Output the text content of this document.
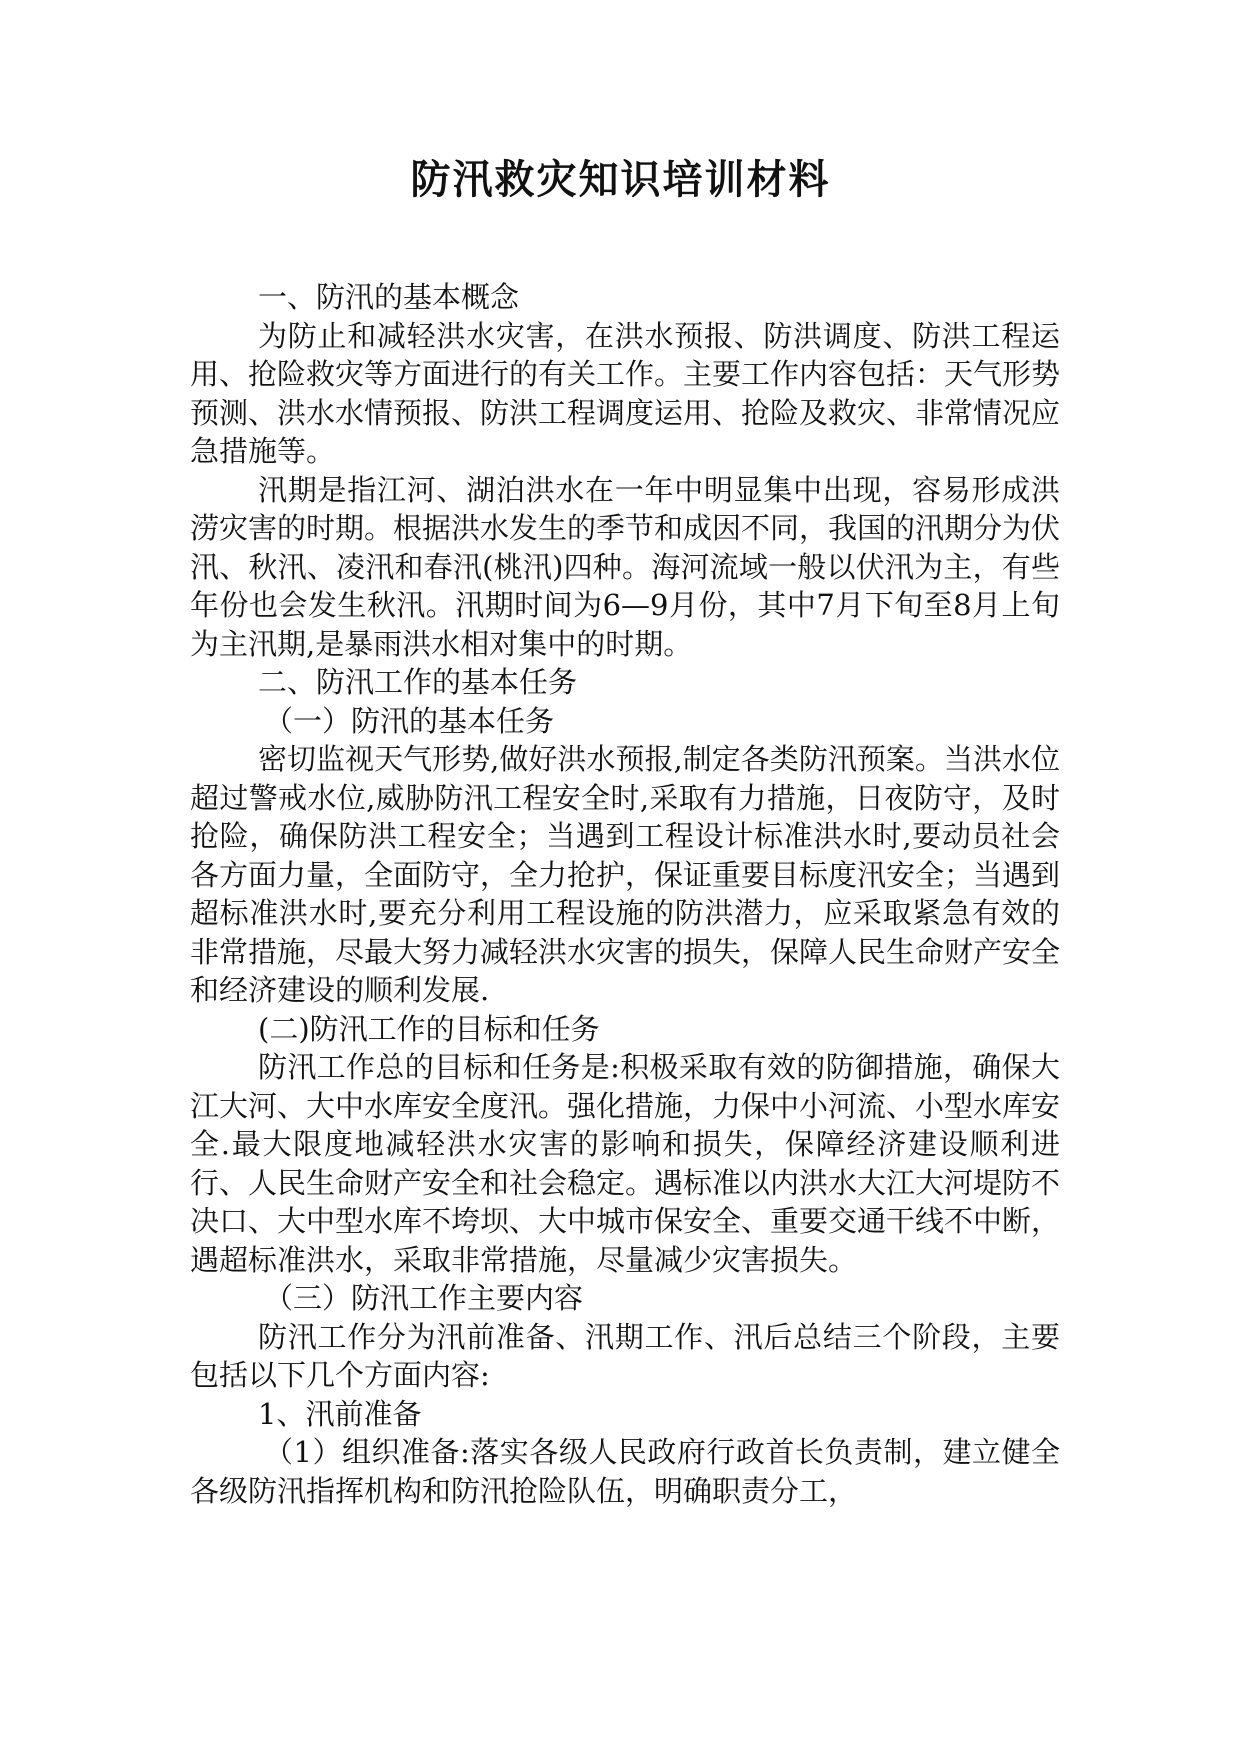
防汛救灾知识培训材料

一、防汛的基本概念

为防止和减轻洪水灾害，在洪水预报、防洪调度、防洪工程运用、抢险救灾等方面进行的有关工作。主要工作内容包括：天气形势预测、洪水水情预报、防洪工程调度运用、抢险及救灾、非常情况应急措施等。

汛期是指江河、湖泊洪水在一年中明显集中出现，容易形成洪涝灾害的时期。根据洪水发生的季节和成因不同，我国的汛期分为伏汛、秋汛、凌汛和春汛(桃汛)四种。海河流域一般以伏汛为主，有些年份也会发生秋汛。汛期时间为6—9月份，其中7月下旬至8月上旬为主汛期,是暴雨洪水相对集中的时期。

二、防汛工作的基本任务

（一）防汛的基本任务

密切监视天气形势,做好洪水预报,制定各类防汛预案。当洪水位超过警戒水位,威胁防汛工程安全时,采取有力措施，日夜防守，及时抢险，确保防洪工程安全；当遇到工程设计标准洪水时,要动员社会各方面力量，全面防守，全力抢护，保证重要目标度汛安全；当遇到超标准洪水时,要充分利用工程设施的防洪潜力，应采取紧急有效的非常措施，尽最大努力减轻洪水灾害的损失，保障人民生命财产安全和经济建设的顺利发展.

(二)防汛工作的目标和任务

防汛工作总的目标和任务是:积极采取有效的防御措施，确保大江大河、大中水库安全度汛。强化措施，力保中小河流、小型水库安全.最大限度地减轻洪水灾害的影响和损失，保障经济建设顺利进行、人民生命财产安全和社会稳定。遇标准以内洪水大江大河堤防不决口、大中型水库不垮坝、大中城市保安全、重要交通干线不中断，遇超标准洪水，采取非常措施，尽量减少灾害损失。

（三）防汛工作主要内容

防汛工作分为汛前准备、汛期工作、汛后总结三个阶段，主要包括以下几个方面内容:

1、汛前准备

（1）组织准备:落实各级人民政府行政首长负责制，建立健全各级防汛指挥机构和防汛抢险队伍，明确职责分工，
